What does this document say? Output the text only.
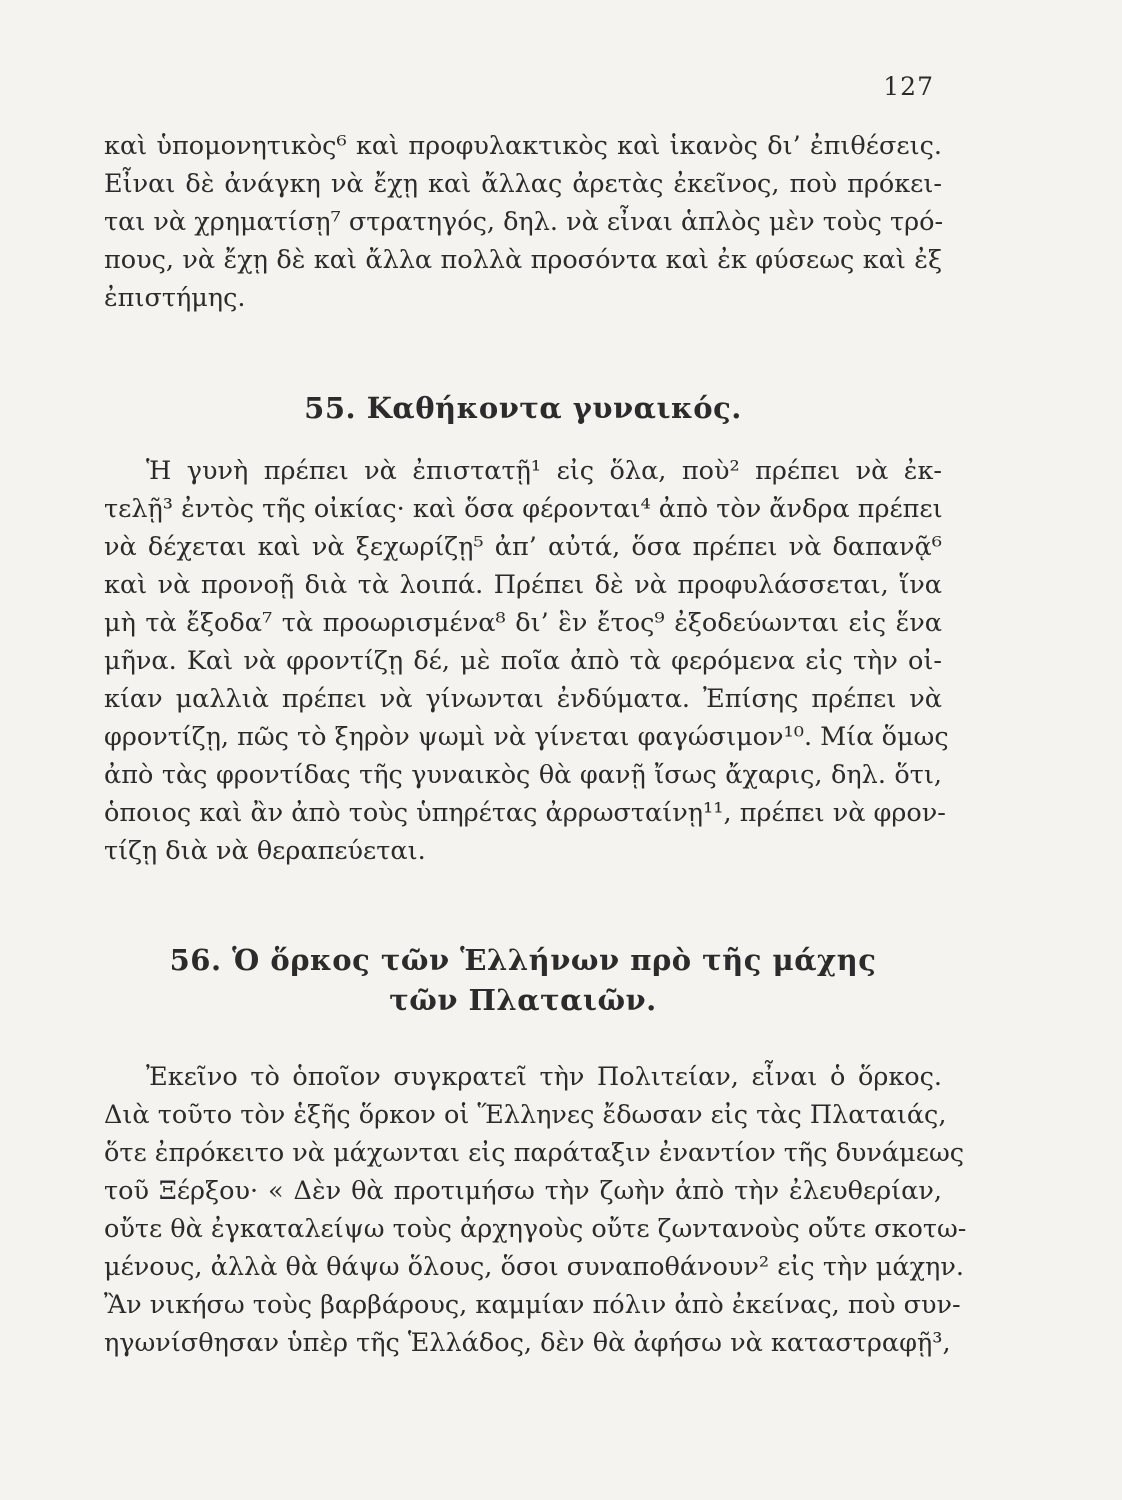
127
καὶ ὑπομονητικὸς⁶ καὶ προφυλακτικὸς καὶ ἱκανὸς δι’ ἐπιθέσεις.
Εἶναι δὲ ἀνάγκη νὰ ἔχῃ καὶ ἄλλας ἀρετὰς ἐκεῖνος, ποὺ πρόκει-
ται νὰ χρηματίσῃ⁷ στρατηγός, δηλ. νὰ εἶναι ἁπλὸς μὲν τοὺς τρό-
πους, νὰ ἔχῃ δὲ καὶ ἄλλα πολλὰ προσόντα καὶ ἐκ φύσεως καὶ ἐξ
ἐπιστήμης.
55. Καθήκοντα γυναικός.
Ἡ γυνὴ πρέπει νὰ ἐπιστατῇ¹ εἰς ὅλα, ποὺ² πρέπει νὰ ἐκ-
τελῇ³ ἐντὸς τῆς οἰκίας· καὶ ὅσα φέρονται⁴ ἀπὸ τὸν ἄνδρα πρέπει
νὰ δέχεται καὶ νὰ ξεχωρίζῃ⁵ ἀπ’ αὐτά, ὅσα πρέπει νὰ δαπανᾷ⁶
καὶ νὰ προνοῇ διὰ τὰ λοιπά. Πρέπει δὲ νὰ προφυλάσσεται, ἵνα
μὴ τὰ ἔξοδα⁷ τὰ προωρισμένα⁸ δι’ ἓν ἔτος⁹ ἐξοδεύωνται εἰς ἕνα
μῆνα. Καὶ νὰ φροντίζῃ δέ, μὲ ποῖα ἀπὸ τὰ φερόμενα εἰς τὴν οἰ-
κίαν μαλλιὰ πρέπει νὰ γίνωνται ἐνδύματα. Ἐπίσης πρέπει νὰ
φροντίζῃ, πῶς τὸ ξηρὸν ψωμὶ νὰ γίνεται φαγώσιμον¹⁰. Μία ὅμως
ἀπὸ τὰς φροντίδας τῆς γυναικὸς θὰ φανῇ ἴσως ἄχαρις, δηλ. ὅτι,
ὁποιος καὶ ἂν ἀπὸ τοὺς ὑπηρέτας ἀρρωσταίνῃ¹¹, πρέπει νὰ φρον-
τίζῃ διὰ νὰ θεραπεύεται.
56. Ὁ ὅρκος τῶν Ἑλλήνων πρὸ τῆς μάχης
τῶν Πλαταιῶν.
Ἐκεῖνο τὸ ὁποῖον συγκρατεῖ τὴν Πολιτείαν, εἶναι ὁ ὅρκος.
Διὰ τοῦτο τὸν ἑξῆς ὅρκον οἱ Ἕλληνες ἔδωσαν εἰς τὰς Πλαταιάς,
ὅτε ἐπρόκειτο νὰ μάχωνται εἰς παράταξιν ἐναντίον τῆς δυνάμεως
τοῦ Ξέρξου· « Δὲν θὰ προτιμήσω τὴν ζωὴν ἀπὸ τὴν ἐλευθερίαν,
οὔτε θὰ ἐγκαταλείψω τοὺς ἀρχηγοὺς οὔτε ζωντανοὺς οὔτε σκοτω-
μένους, ἀλλὰ θὰ θάψω ὅλους, ὅσοι συναποθάνουν² εἰς τὴν μάχην.
Ἂν νικήσω τοὺς βαρβάρους, καμμίαν πόλιν ἀπὸ ἐκείνας, ποὺ συν-
ηγωνίσθησαν ὑπὲρ τῆς Ἑλλάδος, δὲν θὰ ἀφήσω νὰ καταστραφῇ³,
